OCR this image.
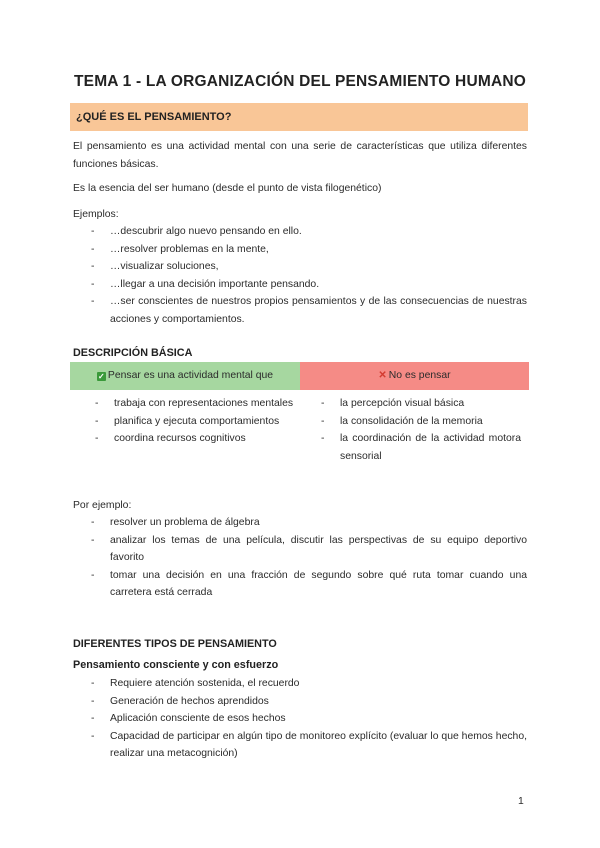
TEMA 1 - LA ORGANIZACIÓN DEL PENSAMIENTO HUMANO
¿QUÉ ES EL PENSAMIENTO?

El pensamiento es una actividad mental con una serie de características que utiliza diferentes funciones básicas.

Es la esencia del ser humano (desde el punto de vista filogenético)

Ejemplos:

- …descubrir algo nuevo pensando en ello.
- …resolver problemas en la mente,
- …visualizar soluciones,
- …llegar a una decisión importante pensando.
- …ser conscientes de nuestros propios pensamientos y de las consecuencias de nuestras acciones y comportamientos.
DESCRIPCIÓN BÁSICA
✓ Pensar es una actividad mental que	✕ No es pensar
- trabaja con representaciones mentales
- planifica y ejecuta comportamientos
- coordina recursos cognitivos
- la percepción visual básica
- la consolidación de la memoria
- la coordinación de la actividad motora sensorial

Por ejemplo:

- resolver un problema de álgebra
- analizar los temas de una película, discutir las perspectivas de su equipo deportivo favorito
- tomar una decisión en una fracción de segundo sobre qué ruta tomar cuando una carretera está cerrada
DIFERENTES TIPOS DE PENSAMIENTO
Pensamiento consciente y con esfuerzo
- Requiere atención sostenida, el recuerdo
- Generación de hechos aprendidos
- Aplicación consciente de esos hechos
- Capacidad de participar en algún tipo de monitoreo explícito (evaluar lo que hemos hecho, realizar una metacognición)
1
